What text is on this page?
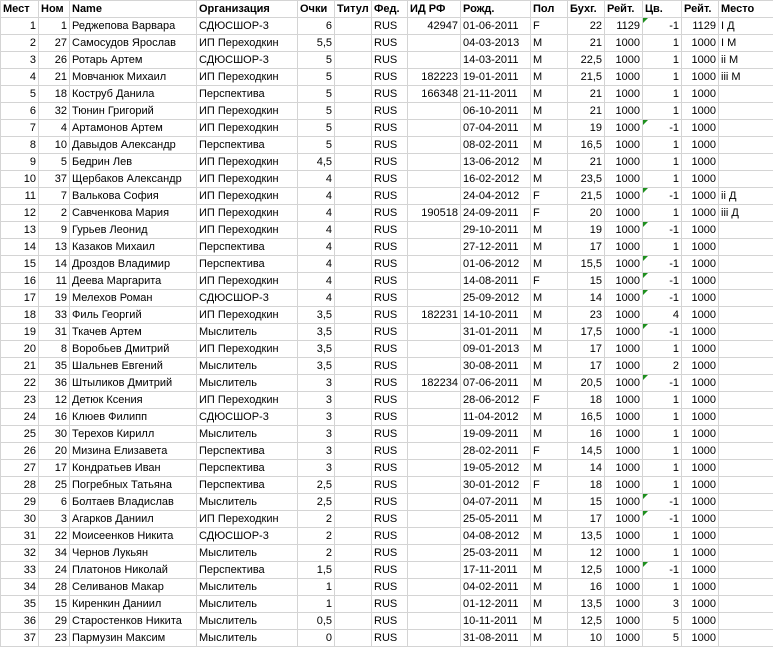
Мест	Ном	Name	Организация	Очки	Титул	Фед.	ИД РФ	Рожд.	Пол	Бухг.	Рейт.	Цв.	Рейт.	Место
1	1	Реджепова Варвара	СДЮСШОР-3	6		RUS	42947	01-06-2011	F	22	1129	-1	1129	I Д
2	27	Самосудов Ярослав	ИП Переходкин	5,5		RUS		04-03-2013	M	21	1000	1	1000	I M
3	26	Ротарь Артем	СДЮСШОР-3	5		RUS		14-03-2011	M	22,5	1000	1	1000	ii M
4	21	Мовчанюк Михаил	ИП Переходкин	5		RUS	182223	19-01-2011	M	21,5	1000	1	1000	iii M
5	18	Коструб Данила	Перспектива	5		RUS	166348	21-11-2011	M	21	1000	1	1000	
6	32	Тюнин Григорий	ИП Переходкин	5		RUS		06-10-2011	M	21	1000	1	1000	
7	4	Артамонов Артем	ИП Переходкин	5		RUS		07-04-2011	M	19	1000	-1	1000	
8	10	Давыдов Александр	Перспектива	5		RUS		08-02-2011	M	16,5	1000	1	1000	
9	5	Бедрин Лев	ИП Переходкин	4,5		RUS		13-06-2012	M	21	1000	1	1000	
10	37	Щербаков Александр	ИП Переходкин	4		RUS		16-02-2012	M	23,5	1000	1	1000	
11	7	Валькова София	ИП Переходкин	4		RUS		24-04-2012	F	21,5	1000	-1	1000	ii Д
12	2	Савченкова Мария	ИП Переходкин	4		RUS	190518	24-09-2011	F	20	1000	1	1000	iii Д
13	9	Гурьев Леонид	ИП Переходкин	4		RUS		29-10-2011	M	19	1000	-1	1000	
14	13	Казаков Михаил	Перспектива	4		RUS		27-12-2011	M	17	1000	1	1000	
15	14	Дроздов Владимир	Перспектива	4		RUS		01-06-2012	M	15,5	1000	-1	1000	
16	11	Деева Маргарита	ИП Переходкин	4		RUS		14-08-2011	F	15	1000	-1	1000	
17	19	Мелехов Роман	СДЮСШОР-3	4		RUS		25-09-2012	M	14	1000	-1	1000	
18	33	Филь Георгий	ИП Переходкин	3,5		RUS	182231	14-10-2011	M	23	1000	4	1000	
19	31	Ткачев Артем	Мыслитель	3,5		RUS		31-01-2011	M	17,5	1000	-1	1000	
20	8	Воробьев Дмитрий	ИП Переходкин	3,5		RUS		09-01-2013	M	17	1000	1	1000	
21	35	Шальнев Евгений	Мыслитель	3,5		RUS		30-08-2011	M	17	1000	2	1000	
22	36	Штыликов Дмитрий	Мыслитель	3		RUS	182234	07-06-2011	M	20,5	1000	-1	1000	
23	12	Детюк Ксения	ИП Переходкин	3		RUS		28-06-2012	F	18	1000	1	1000	
24	16	Клюев Филипп	СДЮСШОР-3	3		RUS		11-04-2012	M	16,5	1000	1	1000	
25	30	Терехов Кирилл	Мыслитель	3		RUS		19-09-2011	M	16	1000	1	1000	
26	20	Мизина Елизавета	Перспектива	3		RUS		28-02-2011	F	14,5	1000	1	1000	
27	17	Кондратьев Иван	Перспектива	3		RUS		19-05-2012	M	14	1000	1	1000	
28	25	Погребных Татьяна	Перспектива	2,5		RUS		30-01-2012	F	18	1000	1	1000	
29	6	Болтаев Владислав	Мыслитель	2,5		RUS		04-07-2011	M	15	1000	-1	1000	
30	3	Агарков Даниил	ИП Переходкин	2		RUS		25-05-2011	M	17	1000	-1	1000	
31	22	Моисеенков Никита	СДЮСШОР-3	2		RUS		04-08-2012	M	13,5	1000	1	1000	
32	34	Чернов Лукьян	Мыслитель	2		RUS		25-03-2011	M	12	1000	1	1000	
33	24	Платонов Николай	Перспектива	1,5		RUS		17-11-2011	M	12,5	1000	-1	1000	
34	28	Селиванов Макар	Мыслитель	1		RUS		04-02-2011	M	16	1000	1	1000	
35	15	Киренкин Даниил	Мыслитель	1		RUS		01-12-2011	M	13,5	1000	3	1000	
36	29	Старостенков Никита	Мыслитель	0,5		RUS		10-11-2011	M	12,5	1000	5	1000	
37	23	Пармузин Максим	Мыслитель	0		RUS		31-08-2011	M	10	1000	5	1000	
